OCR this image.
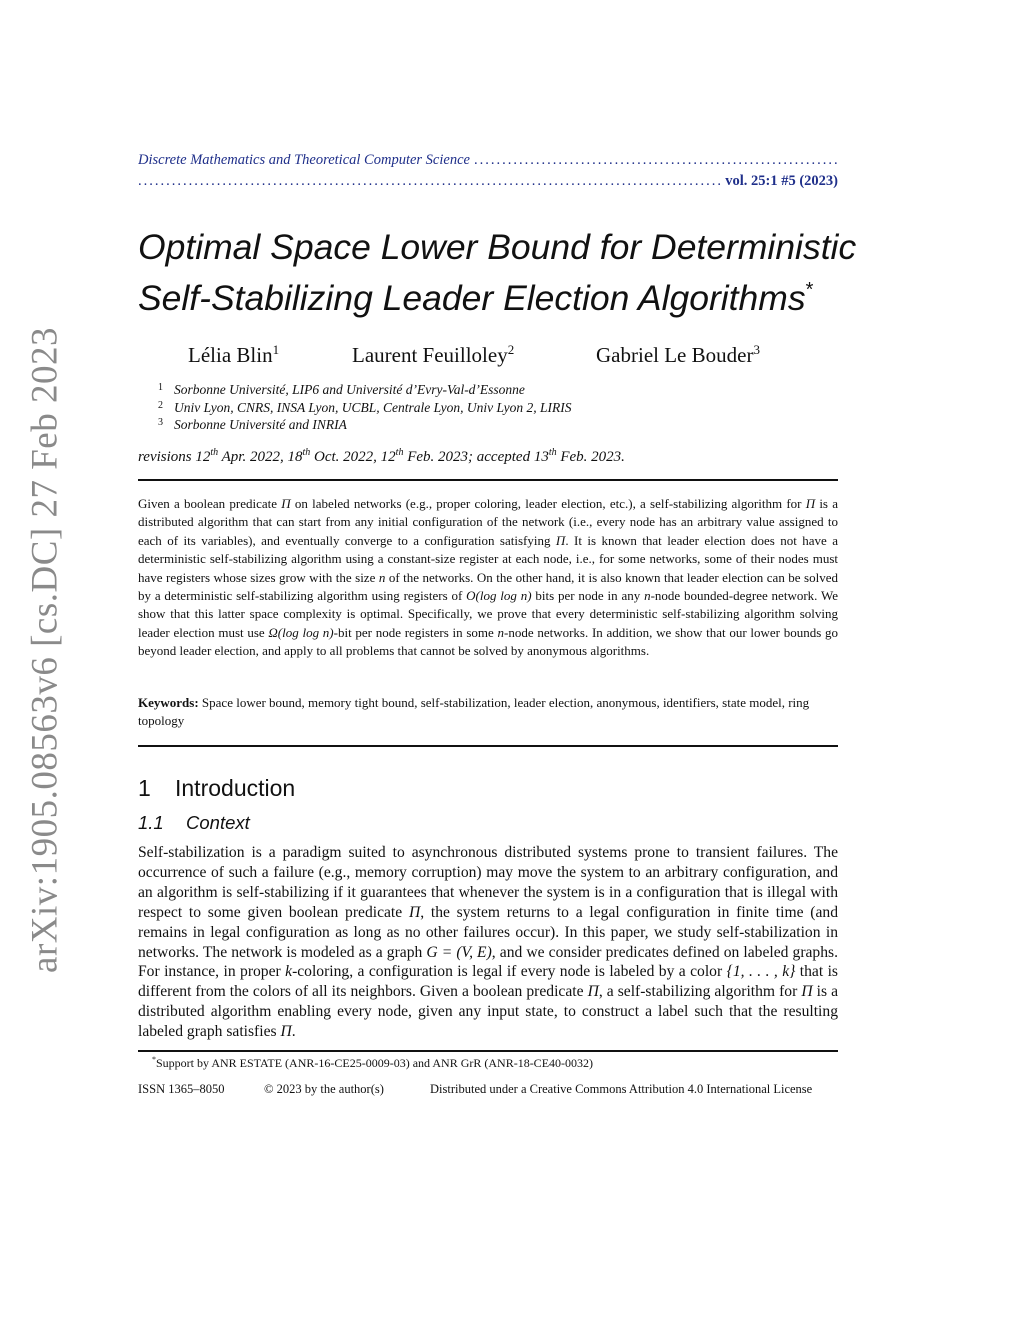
Discrete Mathematics and Theoretical Computer Science
.....
.....
vol. 25:1 #5 (2023)
arXiv:1905.08563v6 [cs.DC] 27 Feb 2023
Optimal Space Lower Bound for Deterministic
Self-Stabilizing Leader Election Algorithms*
Lélia Blin$^1$	Laurent Feuilloley$^2$	Gabriel Le Bouder$^3$
1 Sorbonne Université, LIP6 and Université d’Evry-Val-d’Essonne
2 Univ Lyon, CNRS, INSA Lyon, UCBL, Centrale Lyon, Univ Lyon 2, LIRIS
3 Sorbonne Université and INRIA
revisions 12th Apr. 2022, 18th Oct. 2022, 12th Feb. 2023; accepted 13th Feb. 2023.
Given a boolean predicate Π on labeled networks (e.g., proper coloring, leader election, etc.), a self-stabilizing algorithm for Π is a distributed algorithm that can start from any initial configuration of the network (i.e., every node has an arbitrary value assigned to each of its variables), and eventually converge to a configuration satisfying Π. It is known that leader election does not have a deterministic self-stabilizing algorithm using a constant-size register at each node, i.e., for some networks, some of their nodes must have registers whose sizes grow with the size n of the networks. On the other hand, it is also known that leader election can be solved by a deterministic self-stabilizing algorithm using registers of O(log log n) bits per node in any n-node bounded-degree network. We show that this latter space complexity is optimal. Specifically, we prove that every deterministic self-stabilizing algorithm solving leader election must use Ω(log log n)-bit per node registers in some n-node networks. In addition, we show that our lower bounds go beyond leader election, and apply to all problems that cannot be solved by anonymous algorithms.
Keywords: Space lower bound, memory tight bound, self-stabilization, leader election, anonymous, identifiers, state model, ring topology
1 Introduction
1.1 Context
Self-stabilization is a paradigm suited to asynchronous distributed systems prone to transient failures. The occurrence of such a failure (e.g., memory corruption) may move the system to an arbitrary configuration, and an algorithm is self-stabilizing if it guarantees that whenever the system is in a configuration that is illegal with respect to some given boolean predicate Π, the system returns to a legal configuration in finite time (and remains in legal configuration as long as no other failures occur). In this paper, we study self-stabilization in networks. The network is modeled as a graph G = (V, E), and we consider predicates defined on labeled graphs. For instance, in proper k-coloring, a configuration is legal if every node is labeled by a color {1, . . . , k} that is different from the colors of all its neighbors. Given a boolean predicate Π, a self-stabilizing algorithm for Π is a distributed algorithm enabling every node, given any input state, to construct a label such that the resulting labeled graph satisfies Π.
*Support by ANR ESTATE (ANR-16-CE25-0009-03) and ANR GrR (ANR-18-CE40-0032)
ISSN 1365–8050	© 2023 by the author(s)	Distributed under a Creative Commons Attribution 4.0 International License
